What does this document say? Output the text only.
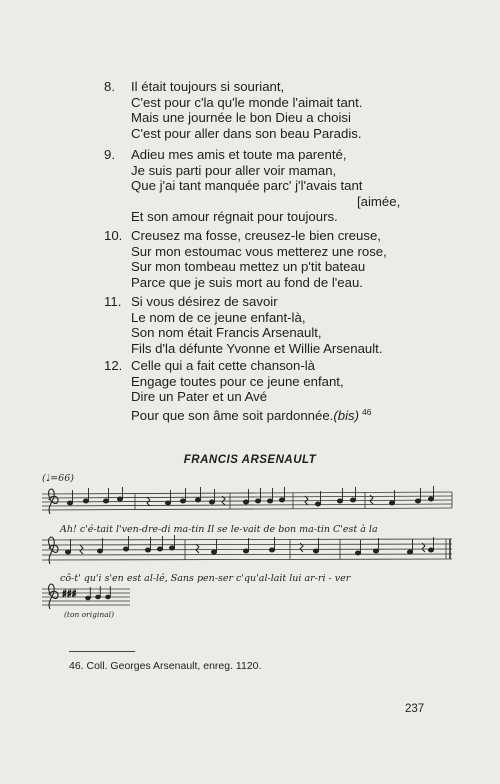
8.	Il était toujours si souriant,
C'est pour c'la qu'le monde l'aimait tant.
Mais une journée le bon Dieu a choisi
C'est pour aller dans son beau Paradis.
9.	Adieu mes amis et toute ma parenté,
Je suis parti pour aller voir maman,
Que j'ai tant manquée parc' j'l'avais tant
[aimée,
Et son amour régnait pour toujours.
10. Creusez ma fosse, creusez-le bien creuse,
Sur mon estoumac vous metterez une rose,
Sur mon tombeau mettez un p'tit bateau
Parce que je suis mort au fond de l'eau.
11. Si vous désirez de savoir
Le nom de ce jeune enfant-là,
Son nom était Francis Arsenault,
Fils d'la défunte Yvonne et Willie Arsenault.
12. Celle qui a fait cette chanson-là
Engage toutes pour ce jeune enfant,
Dire un Pater et un Avé
Pour que son âme soit pardonnée.(bis) $^{46}$
FRANCIS ARSENAULT
♯♯♯
(♩=66)
Ah! c'é-tait l'ven-dre-di ma-tin Il se le-vait de bon ma-tin C'est à la
cô-t' qu'i s'en est al-lé, Sans pen-ser c'qu'al-lait lui ar-ri - ver
(ton original)
46. Coll. Georges Arsenault, enreg. 1120.
237
